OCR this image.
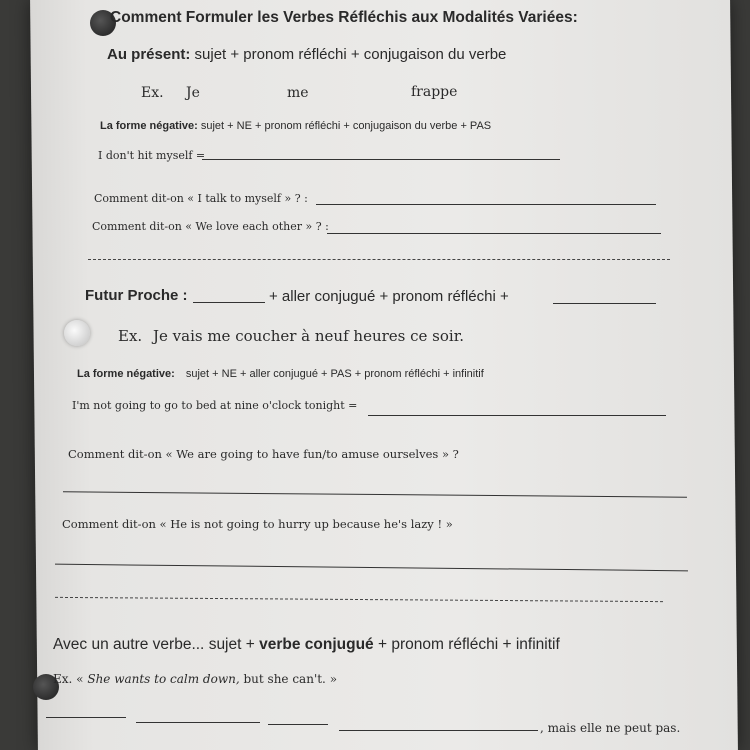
Comment Formuler les Verbes Réfléchis aux Modalités Variées:
Au présent: sujet + pronom réfléchi + conjugaison du verbe
Ex. Je	me	frappe
La forme négative: sujet + NE + pronom réfléchi + conjugaison du verbe + PAS
I don't hit myself =
Comment dit-on « I talk to myself » ? :
Comment dit-on « We love each other » ? :
Futur Proche :	+ aller conjugué + pronom réfléchi +
Ex. Je vais me coucher à neuf heures ce soir.
La forme négative: sujet + NE + aller conjugué + PAS + pronom réfléchi + infinitif
I'm not going to go to bed at nine o'clock tonight =
Comment dit-on « We are going to have fun/to amuse ourselves » ?
Comment dit-on « He is not going to hurry up because he's lazy ! »
Avec un autre verbe... sujet + verbe conjugué + pronom réfléchi + infinitif
Ex. « She wants to calm down, but she can't. »
, mais elle ne peut pas.
